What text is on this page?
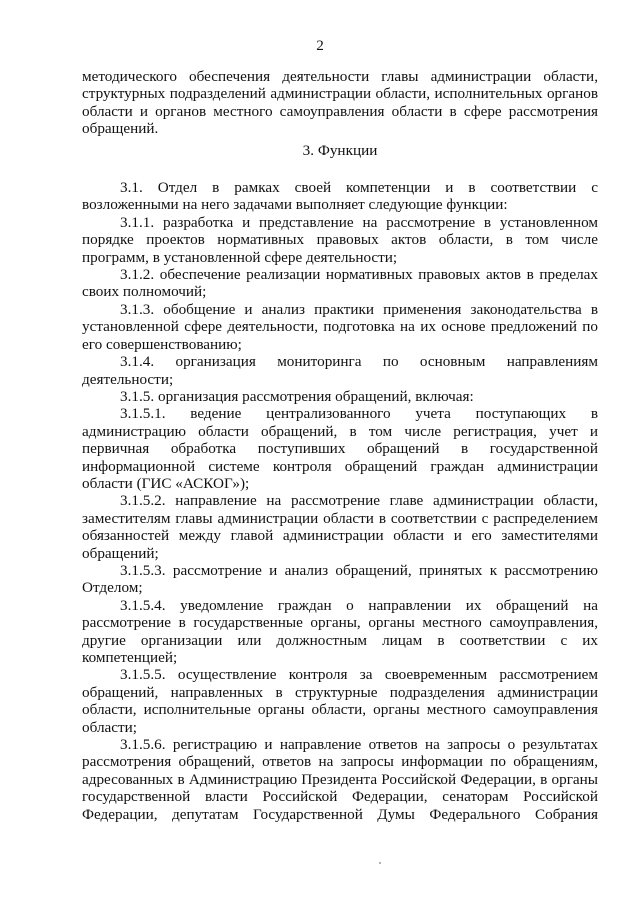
2

методического обеспечения деятельности главы администрации области, структурных подразделений администрации области, исполнительных органов области и органов местного самоуправления области в сфере рассмотрения обращений.

3. Функции

3.1. Отдел в рамках своей компетенции и в соответствии с возложенными на него задачами выполняет следующие функции:

3.1.1. разработка и представление на рассмотрение в установленном порядке проектов нормативных правовых актов области, в том числе программ, в установленной сфере деятельности;

3.1.2. обеспечение реализации нормативных правовых актов в пределах своих полномочий;

3.1.3. обобщение и анализ практики применения законодательства в установленной сфере деятельности, подготовка на их основе предложений по его совершенствованию;

3.1.4. организация мониторинга по основным направлениям деятельности;

3.1.5. организация рассмотрения обращений, включая:

3.1.5.1. ведение централизованного учета поступающих в администрацию области обращений, в том числе регистрация, учет и первичная обработка поступивших обращений в государственной информационной системе контроля обращений граждан администрации области (ГИС «АСКОГ»);

3.1.5.2. направление на рассмотрение главе администрации области, заместителям главы администрации области в соответствии с распределением обязанностей между главой администрации области и его заместителями обращений;

3.1.5.3. рассмотрение и анализ обращений, принятых к рассмотрению Отделом;

3.1.5.4. уведомление граждан о направлении их обращений на рассмотрение в государственные органы, органы местного самоуправления, другие организации или должностным лицам в соответствии с их компетенцией;

3.1.5.5. осуществление контроля за своевременным рассмотрением обращений, направленных в структурные подразделения администрации области, исполнительные органы области, органы местного самоуправления области;

3.1.5.6. регистрацию и направление ответов на запросы о результатах рассмотрения обращений, ответов на запросы информации по обращениям, адресованных в Администрацию Президента Российской Федерации, в органы государственной власти Российской Федерации, сенаторам Российской Федерации, депутатам Государственной Думы Федерального Собрания
